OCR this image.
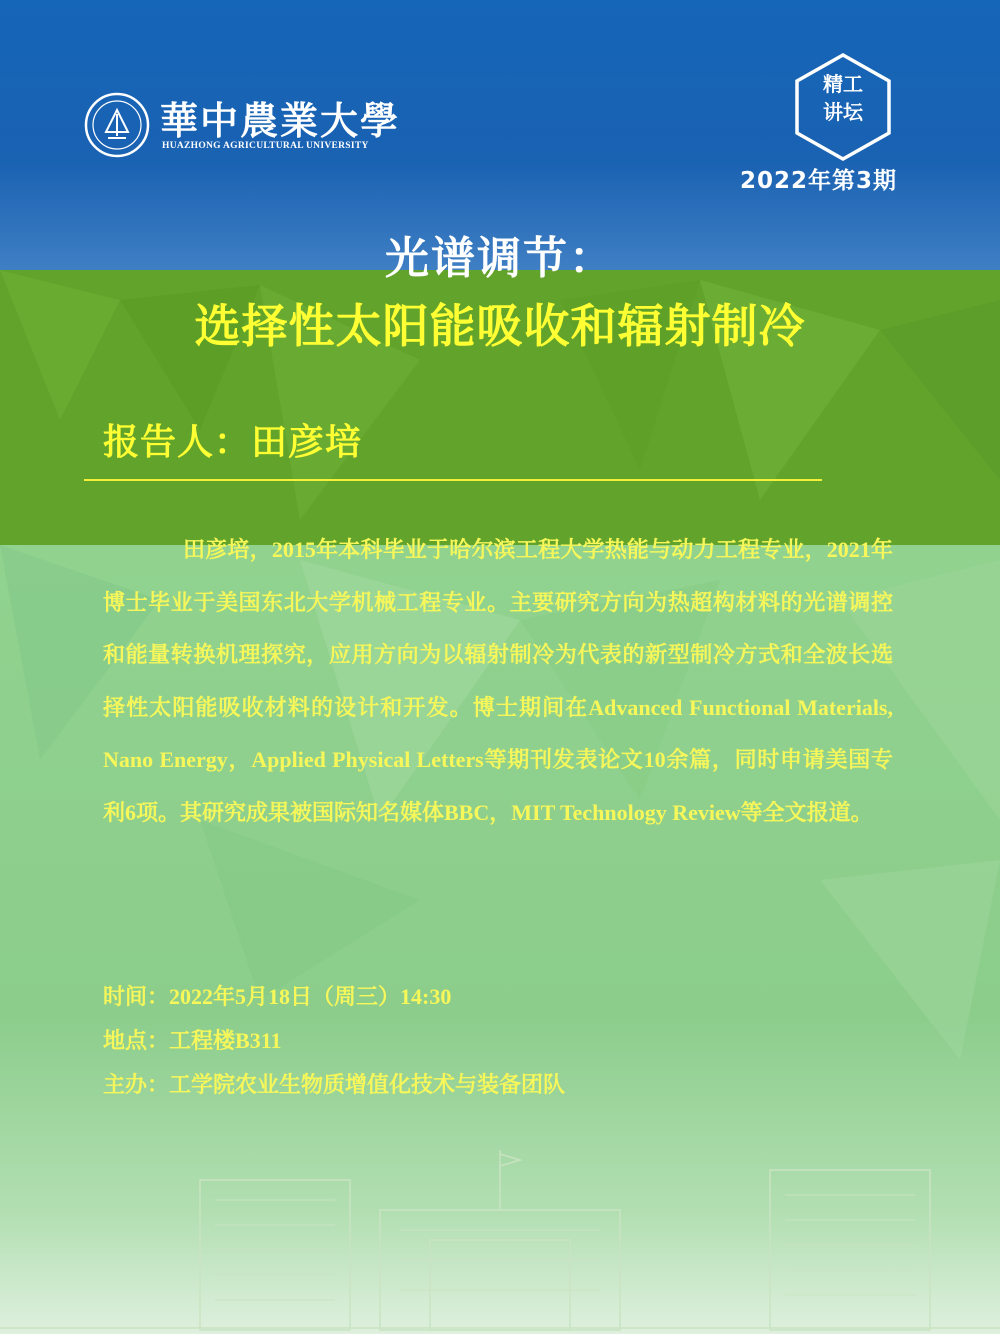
華中農業大學
HUAZHONG AGRICULTURAL UNIVERSITY
精工
讲坛
2022年第3期
光谱调节：
选择性太阳能吸收和辐射制冷
报告人：田彦培

田彦培，2015年本科毕业于哈尔滨工程大学热能与动力工程专业，2021年博士毕业于美国东北大学机械工程专业。主要研究方向为热超构材料的光谱调控和能量转换机理探究，应用方向为以辐射制冷为代表的新型制冷方式和全波长选择性太阳能吸收材料的设计和开发。博士期间在Advanced Functional Materials, Nano Energy，Applied Physical Letters等期刊发表论文10余篇，同时申请美国专利6项。其研究成果被国际知名媒体BBC，MIT Technology Review等全文报道。

时间：2022年5月18日（周三）14:30
地点：工程楼B311
主办：工学院农业生物质增值化技术与装备团队
